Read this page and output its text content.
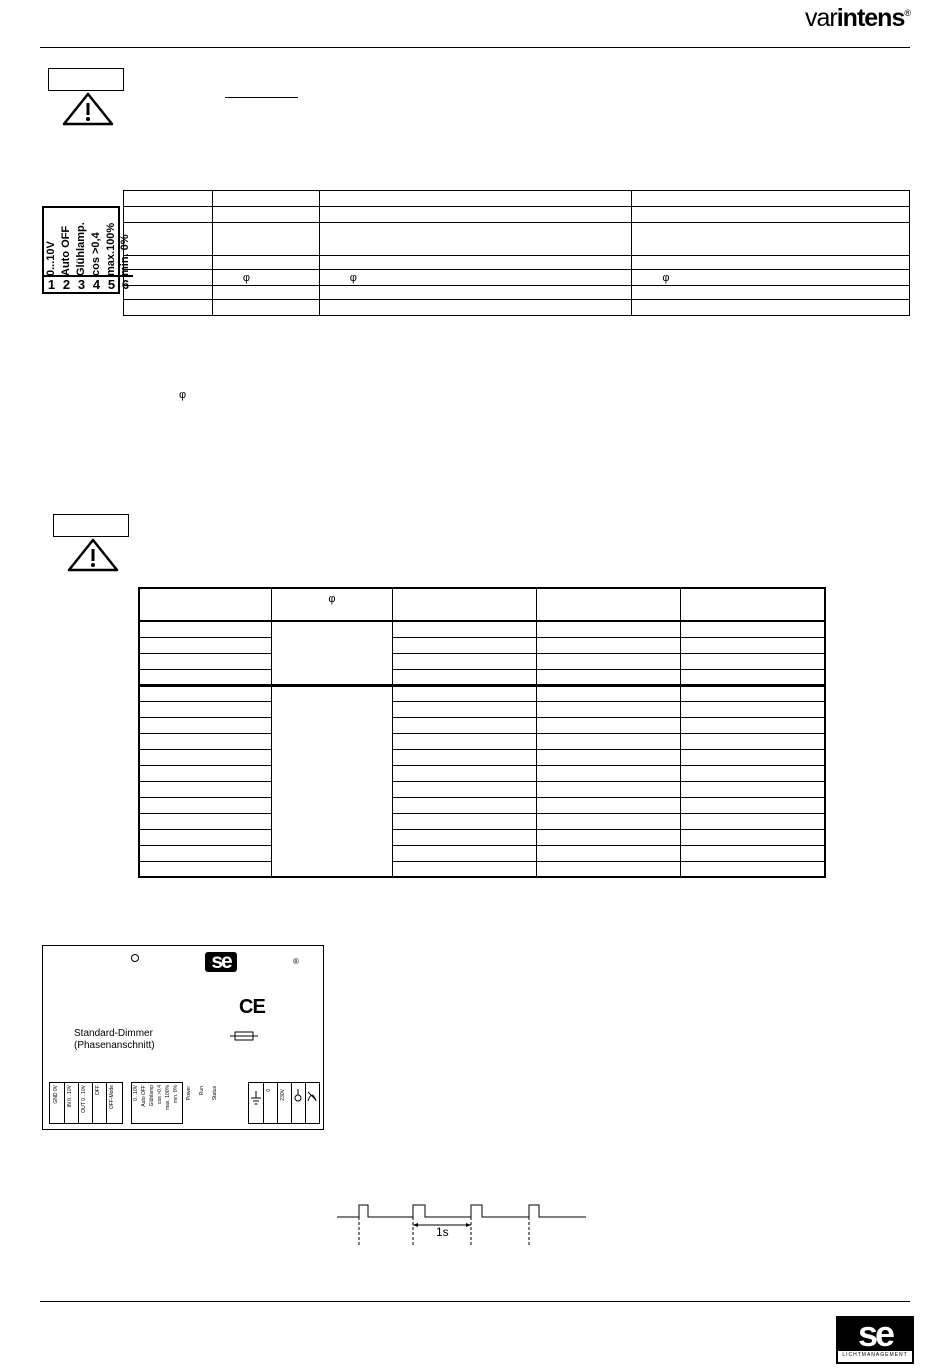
varintens®
0...10V
1
Auto OFF
2
Glühlamp.
3
cos >0,4
4
max.100%
5
min. 0%
6

		φ	φ	φ

φ
	φ			

se	®
CE
Standard-Dimmer
(Phasenanschnitt)
GND 0V IN 0...10V OUT 0...10V OFF OFF-Mode	0...10V Auto OFF Glühlamp cos >0,4 max. 100% min. 0% Power Run Status	0 230V
1s
se
LICHTMANAGEMENT
